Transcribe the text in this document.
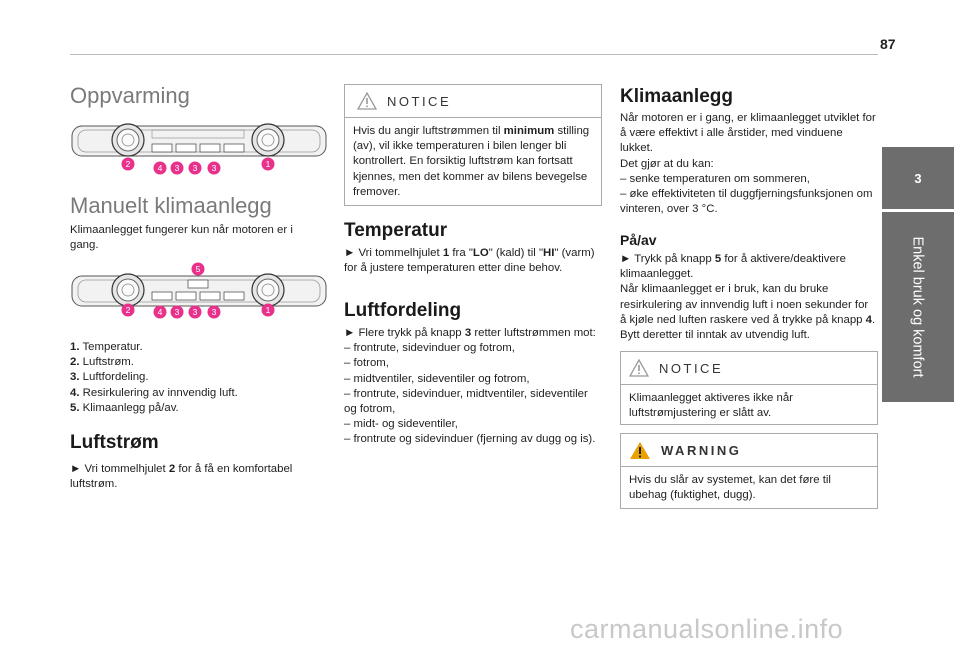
87
3
Enkel bruk og komfort
Oppvarming
2	4 3 3 3	1
Manuelt klimaanlegg
Klimaanlegget fungerer kun når motoren er i gang.
5
2	4 3 3 3	1
1. Temperatur.
2. Luftstrøm.
3. Luftfordeling.
4. Resirkulering av innvendig luft.
5. Klimaanlegg på/av.
Luftstrøm
► Vri tommelhjulet 2 for å få en komfortabel luftstrøm.
NOTICE
Hvis du angir luftstrømmen til minimum stilling (av), vil ikke temperaturen i bilen lenger bli kontrollert. En forsiktig luftstrøm kan fortsatt kjennes, men det kommer av bilens bevegelse fremover.
Temperatur
► Vri tommelhjulet 1 fra "LO" (kald) til "HI" (varm) for å justere temperaturen etter dine behov.
Luftfordeling

► Flere trykk på knapp 3 retter luftstrømmen mot:

– frontrute, sidevinduer og fotrom,

– fotrom,

– midtventiler, sideventiler og fotrom,

– frontrute, sidevinduer, midtventiler, sideventiler og fotrom,

– midt- og sideventiler,

– frontrute og sidevinduer (fjerning av dugg og is).

Klimaanlegg

Når motoren er i gang, er klimaanlegget utviklet for å være effektivt i alle årstider, med vinduene lukket.

Det gjør at du kan:

– senke temperaturen om sommeren,

– øke effektiviteten til duggfjerningsfunksjonen om vinteren, over 3 °C.

På/av

► Trykk på knapp 5 for å aktivere/deaktivere klimaanlegget.

Når klimaanlegget er i bruk, kan du bruke resirkulering av innvendig luft i noen sekunder for å kjøle ned luften raskere ved å trykke på knapp 4. Bytt deretter til inntak av utvendig luft.

NOTICE
Klimaanlegget aktiveres ikke når luftstrømjustering er slått av.
WARNING
Hvis du slår av systemet, kan det føre til ubehag (fuktighet, dugg).
carmanualsonline.info
